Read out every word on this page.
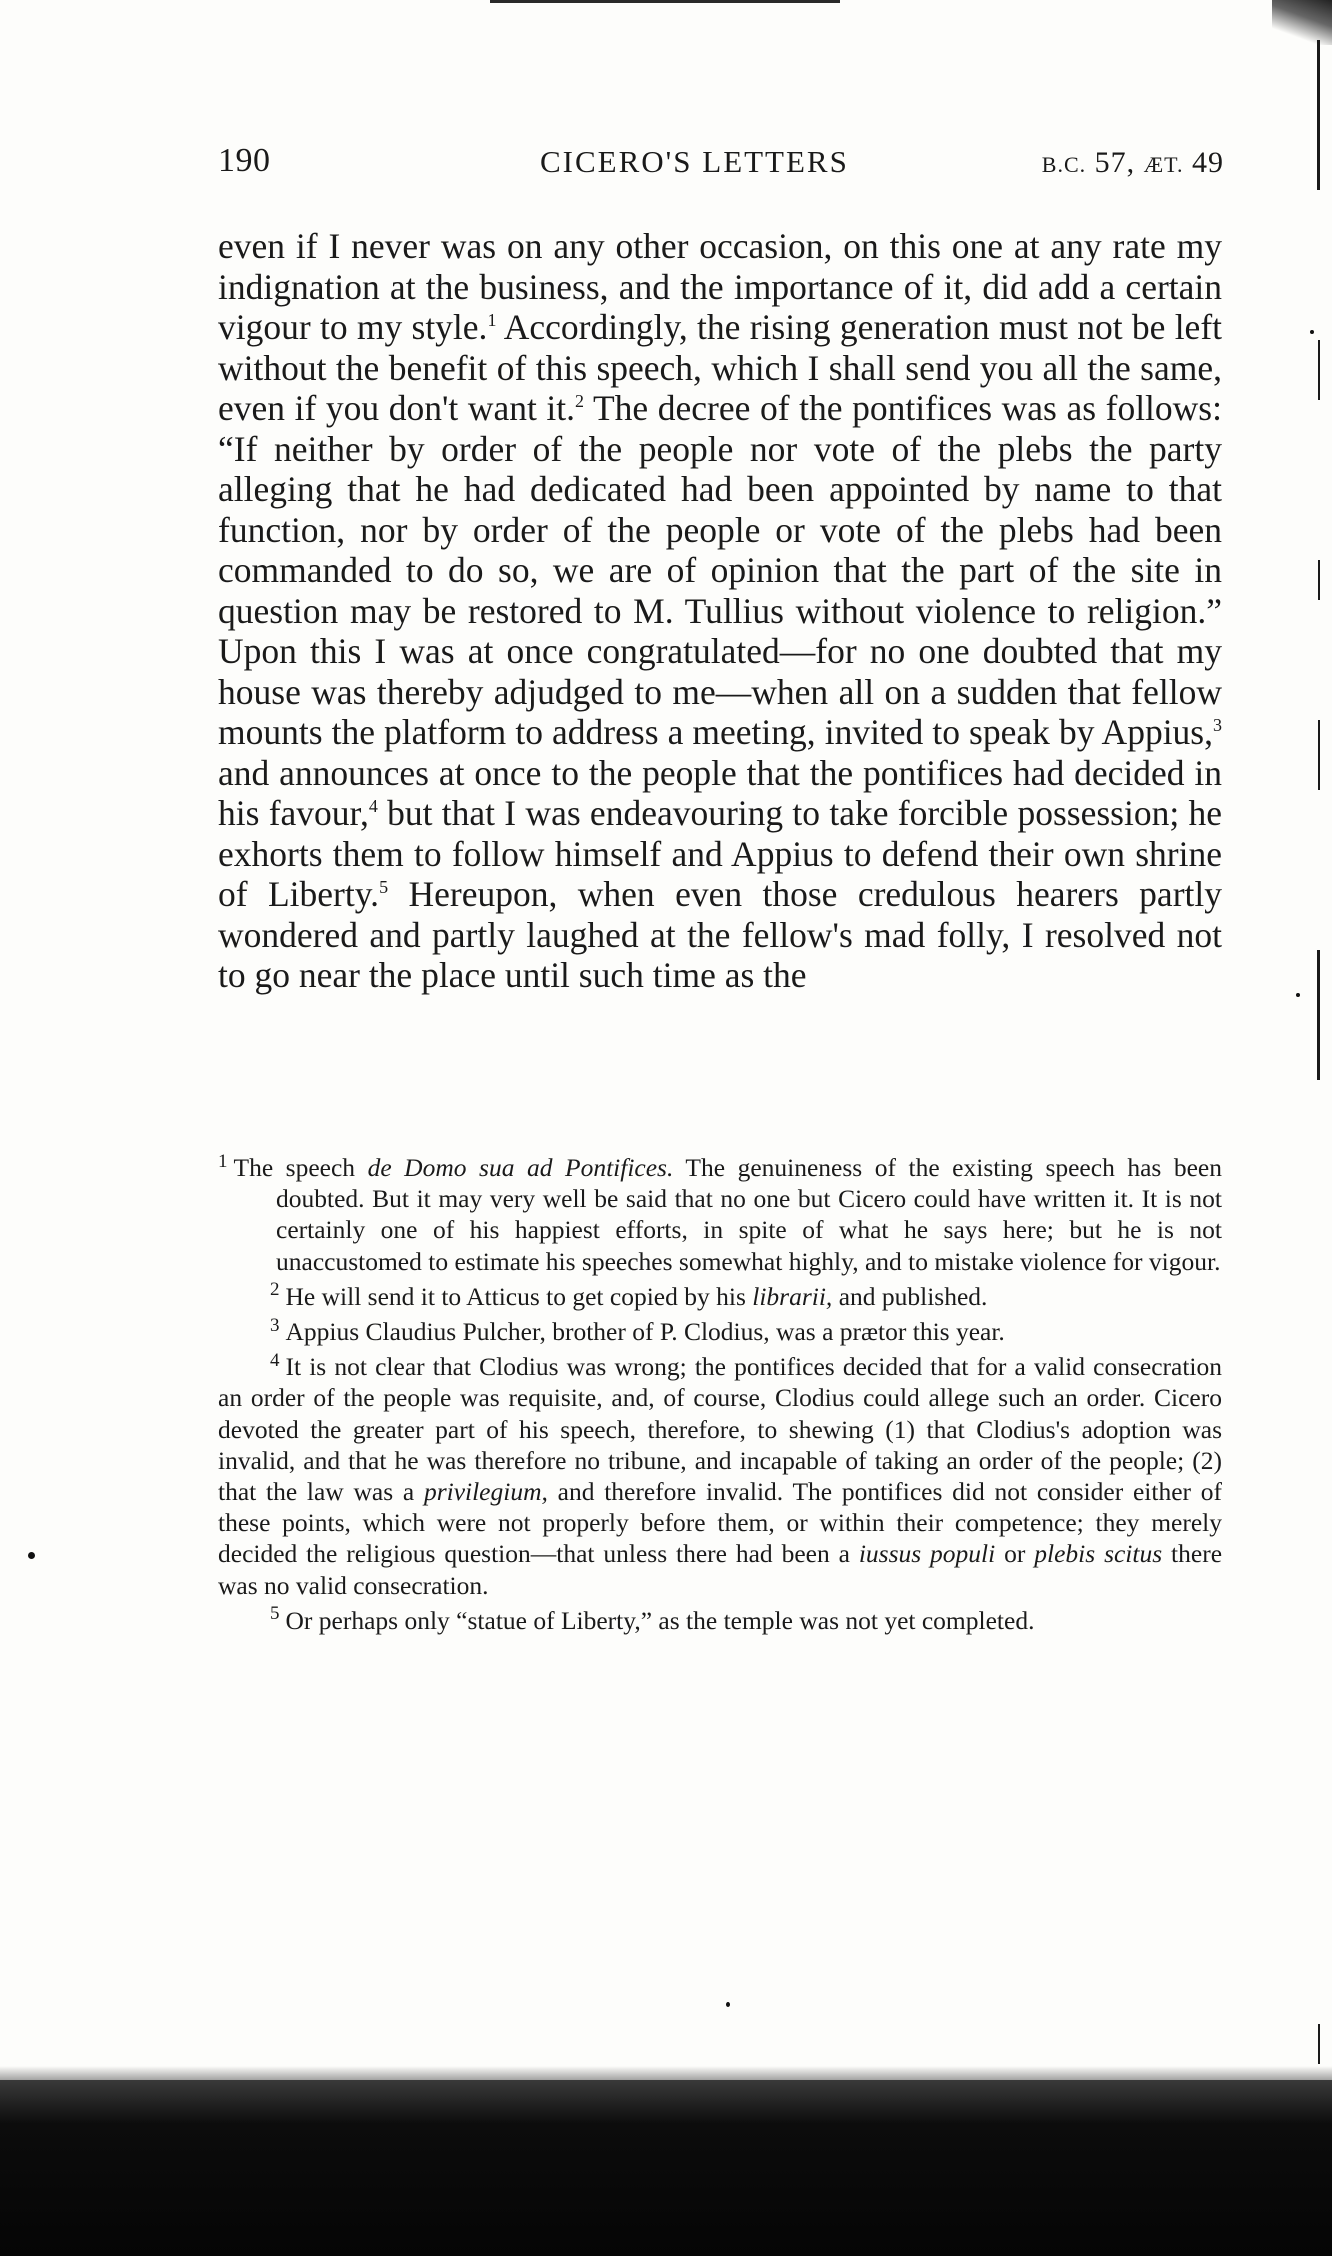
190	CICERO'S LETTERS	B.C. 57, ÆT. 49

even if I never was on any other occasion, on this one at any rate my indignation at the business, and the importance of it, did add a certain vigour to my style.$^1$ Accordingly, the rising generation must not be left without the benefit of this speech, which I shall send you all the same, even if you don't want it.$^2$ The decree of the pontifices was as follows: “If neither by order of the people nor vote of the plebs the party alleging that he had dedicated had been appointed by name to that function, nor by order of the people or vote of the plebs had been commanded to do so, we are of opinion that the part of the site in question may be restored to M. Tullius without violence to religion.” Upon this I was at once congratulated—for no one doubted that my house was thereby adjudged to me—when all on a sudden that fellow mounts the platform to address a meeting, invited to speak by Appius,$^3$ and announces at once to the people that the pontifices had decided in his favour,$^4$ but that I was endeavouring to take forcible possession; he exhorts them to follow himself and Appius to defend their own shrine of Liberty.$^5$ Hereupon, when even those credulous hearers partly wondered and partly laughed at the fellow's mad folly, I resolved not to go near the place until such time as the

$^1$ The speech de Domo sua ad Pontifices. The genuineness of the existing speech has been doubted. But it may very well be said that no one but Cicero could have written it. It is not certainly one of his happiest efforts, in spite of what he says here; but he is not unaccustomed to estimate his speeches somewhat highly, and to mistake violence for vigour.

$^2$ He will send it to Atticus to get copied by his librarii, and published.

$^3$ Appius Claudius Pulcher, brother of P. Clodius, was a prætor this year.

$^4$ It is not clear that Clodius was wrong; the pontifices decided that for a valid consecration an order of the people was requisite, and, of course, Clodius could allege such an order. Cicero devoted the greater part of his speech, therefore, to shewing (1) that Clodius's adoption was invalid, and that he was therefore no tribune, and incapable of taking an order of the people; (2) that the law was a privilegium, and therefore invalid. The pontifices did not consider either of these points, which were not properly before them, or within their competence; they merely decided the religious question—that unless there had been a iussus populi or plebis scitus there was no valid consecration.

$^5$ Or perhaps only “statue of Liberty,” as the temple was not yet completed.
